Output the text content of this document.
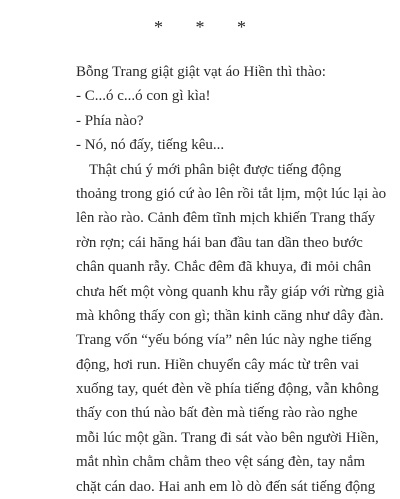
* * *
Bỗng Trang giật giật vạt áo Hiền thì thào:
- C...ó c...ó con gì kìa!
- Phía nào?
- Nó, nó đấy, tiếng kêu...
Thật chú ý mới phân biệt được tiếng động
thoảng trong gió cứ ào lên rồi tắt lịm, một lúc lại ào
lên rào rào. Cảnh đêm tĩnh mịch khiến Trang thấy
rờn rợn; cái hăng hái ban đầu tan dần theo bước
chân quanh rẫy. Chắc đêm đã khuya, đi mỏi chân
chưa hết một vòng quanh khu rẫy giáp với rừng già
mà không thấy con gì; thần kinh căng như dây đàn.
Trang vốn “yếu bóng vía” nên lúc này nghe tiếng
động, hơi run. Hiền chuyển cây mác từ trên vai
xuống tay, quét đèn về phía tiếng động, vẫn không
thấy con thú nào bất đèn mà tiếng rào rào nghe
mỗi lúc một gần. Trang đi sát vào bên người Hiền,
mắt nhìn chằm chằm theo vệt sáng đèn, tay nắm
chặt cán dao. Hai anh em lò dò đến sát tiếng động
